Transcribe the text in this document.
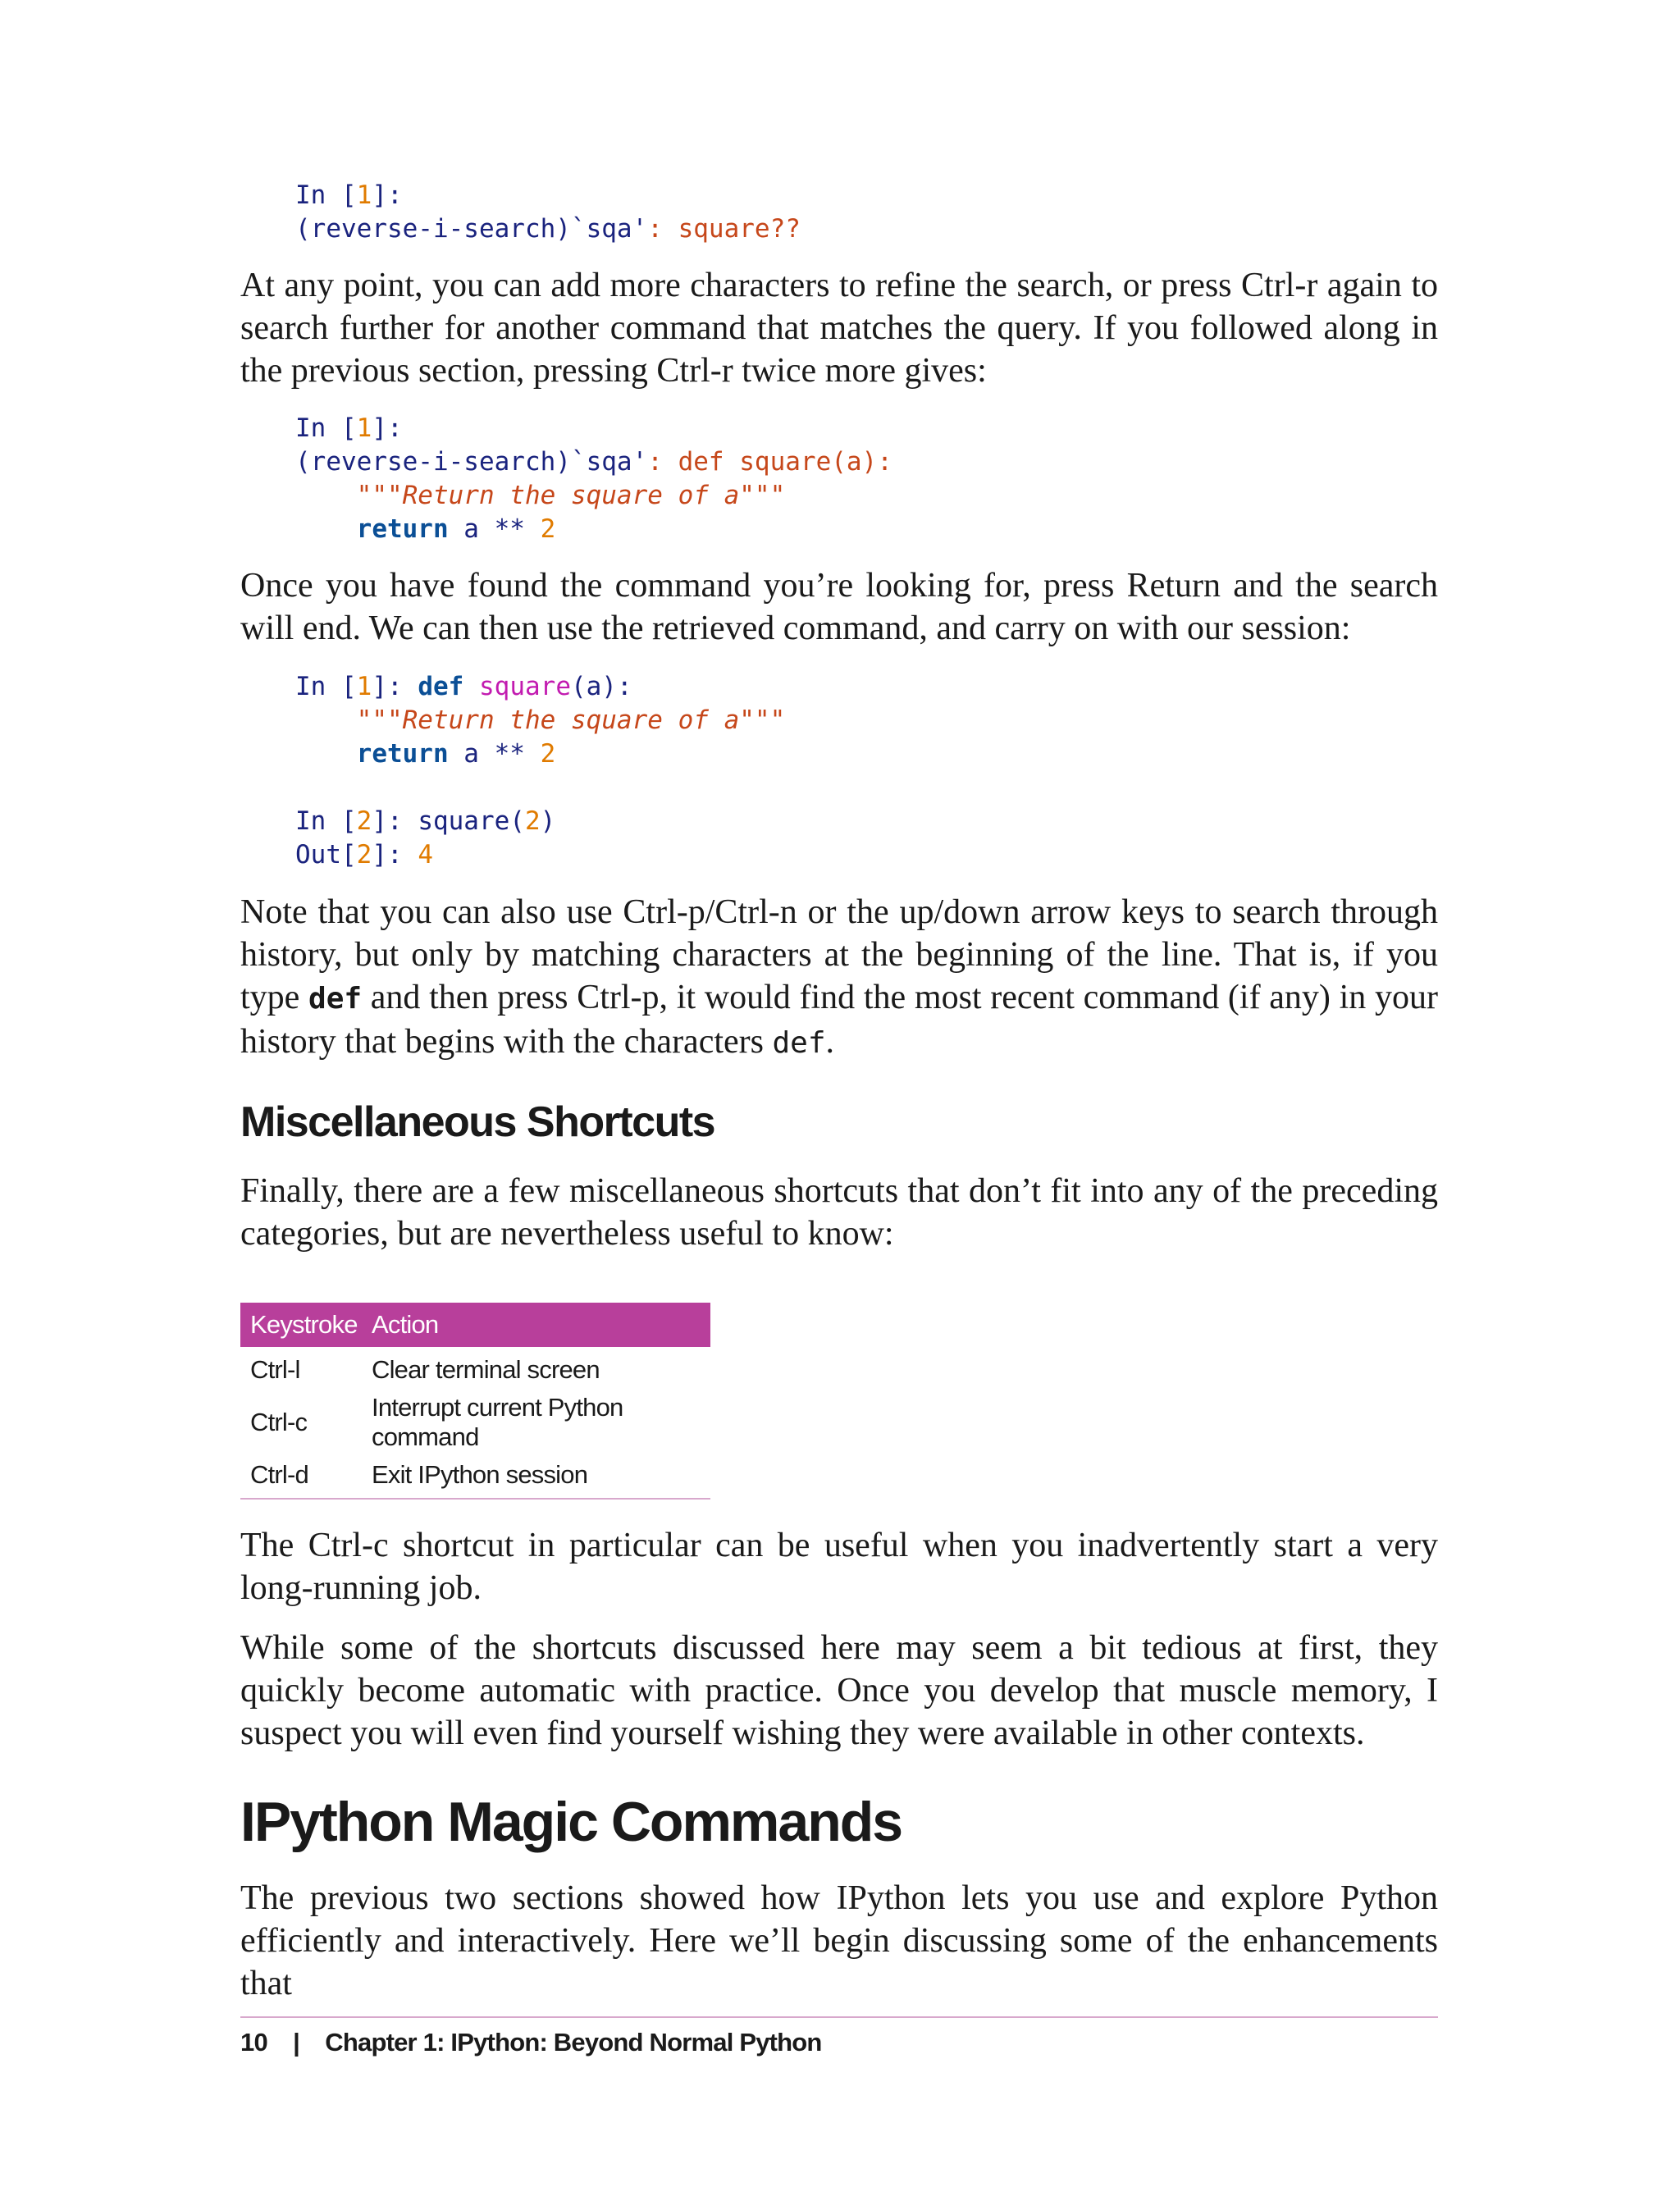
In [1]:
(reverse-i-search)`sqa': square??
At any point, you can add more characters to refine the search, or press Ctrl-r again to search further for another command that matches the query. If you followed along in the previous section, pressing Ctrl-r twice more gives:
In [1]:
(reverse-i-search)`sqa': def square(a):
"""Return the square of a"""
return a ** 2
Once you have found the command you’re looking for, press Return and the search will end. We can then use the retrieved command, and carry on with our session:
In [1]: def square(a):
"""Return the square of a"""
return a ** 2

In [2]: square(2)
Out[2]: 4
Note that you can also use Ctrl-p/Ctrl-n or the up/down arrow keys to search through history, but only by matching characters at the beginning of the line. That is, if you type def and then press Ctrl-p, it would find the most recent command (if any) in your history that begins with the characters def.
Miscellaneous Shortcuts
Finally, there are a few miscellaneous shortcuts that don’t fit into any of the preceding categories, but are nevertheless useful to know:
Keystroke	Action
Ctrl-l	Clear terminal screen
Ctrl-c	Interrupt current Python command
Ctrl-d	Exit IPython session
The Ctrl-c shortcut in particular can be useful when you inadvertently start a very long-running job.
While some of the shortcuts discussed here may seem a bit tedious at first, they quickly become automatic with practice. Once you develop that muscle memory, I suspect you will even find yourself wishing they were available in other contexts.
IPython Magic Commands
The previous two sections showed how IPython lets you use and explore Python efficiently and interactively. Here we’ll begin discussing some of the enhancements that
10 | Chapter 1: IPython: Beyond Normal Python
